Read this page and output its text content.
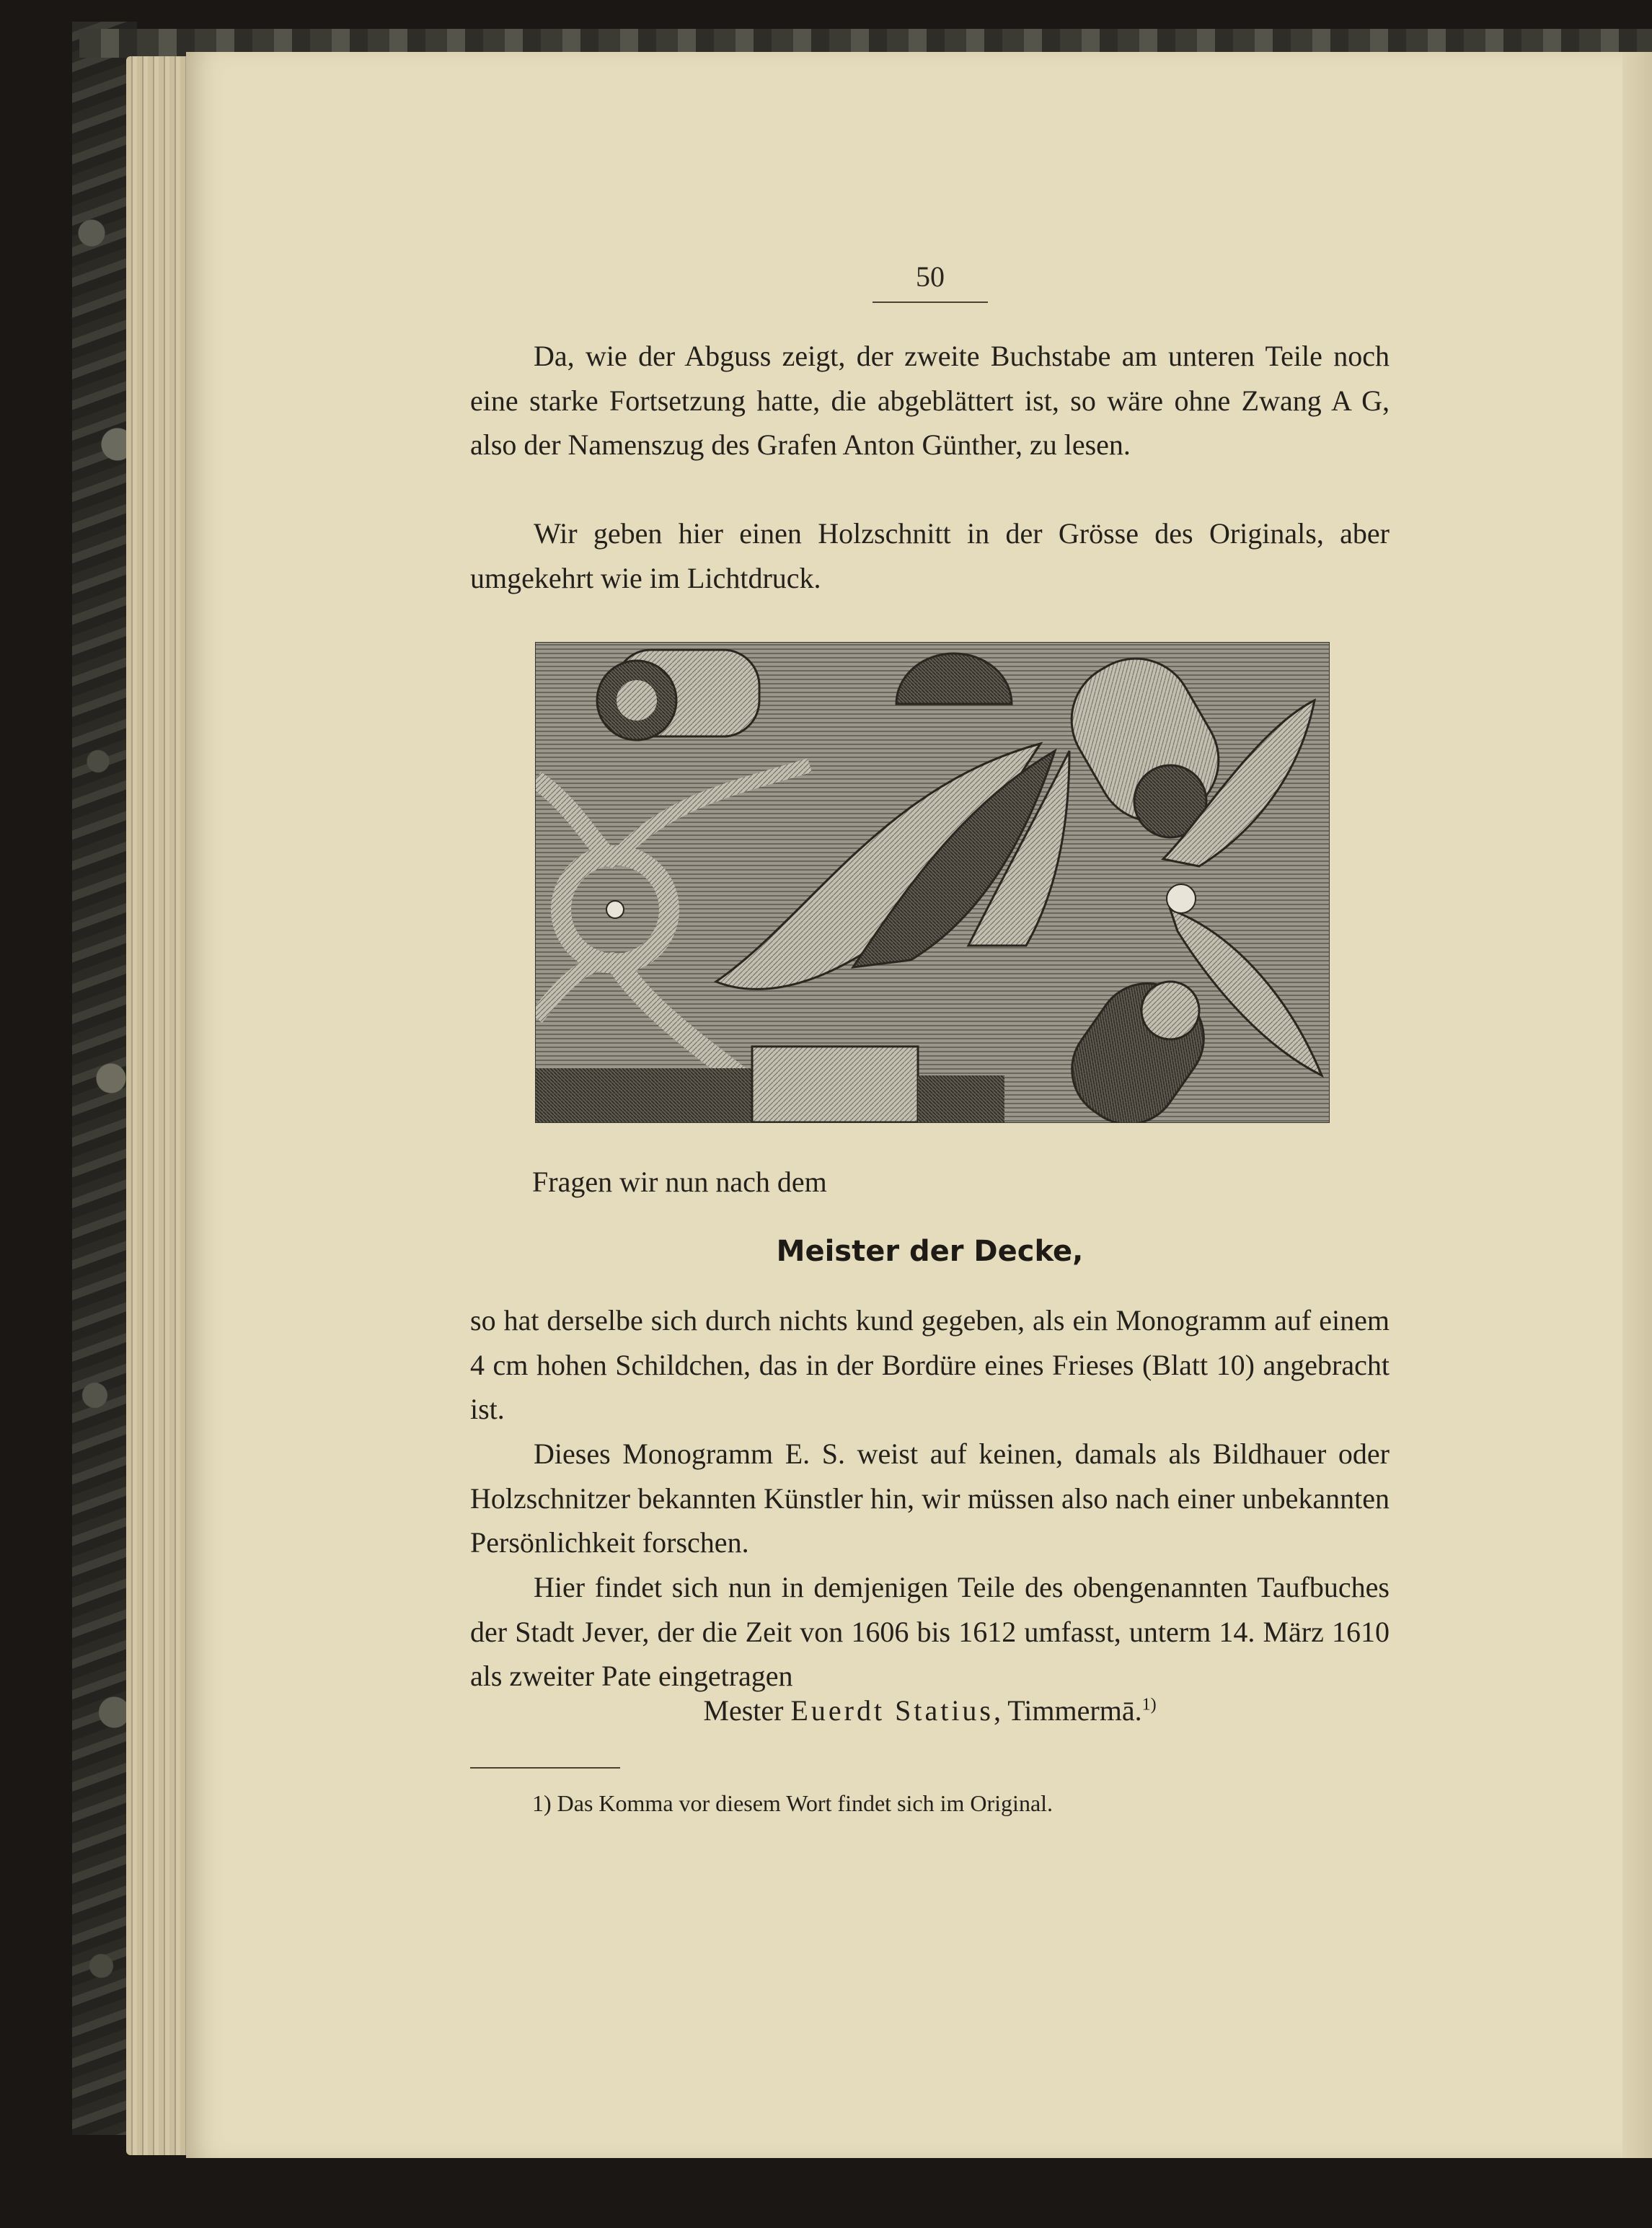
50
Da, wie der Abguss zeigt, der zweite Buchstabe am unteren Teile noch eine starke Fortsetzung hatte, die abgeblättert ist, so wäre ohne Zwang A G, also der Namenszug des Grafen Anton Günther, zu lesen.
Wir geben hier einen Holzschnitt in der Grösse des Originals, aber umgekehrt wie im Lichtdruck.
Fragen wir nun nach dem
Meister der Decke,
so hat derselbe sich durch nichts kund gegeben, als ein Monogramm auf einem 4 cm hohen Schildchen, das in der Bordüre eines Frieses (Blatt 10) angebracht ist.
Dieses Monogramm E. S. weist auf keinen, damals als Bildhauer oder Holzschnitzer bekannten Künstler hin, wir müssen also nach einer unbekannten Persönlichkeit forschen.
Hier findet sich nun in demjenigen Teile des obengenannten Taufbuches der Stadt Jever, der die Zeit von 1606 bis 1612 umfasst, unterm 14. März 1610 als zweiter Pate eingetragen
Mester Euerdt Statius, Timmermā.$^{1)}$
1) Das Komma vor diesem Wort findet sich im Original.
